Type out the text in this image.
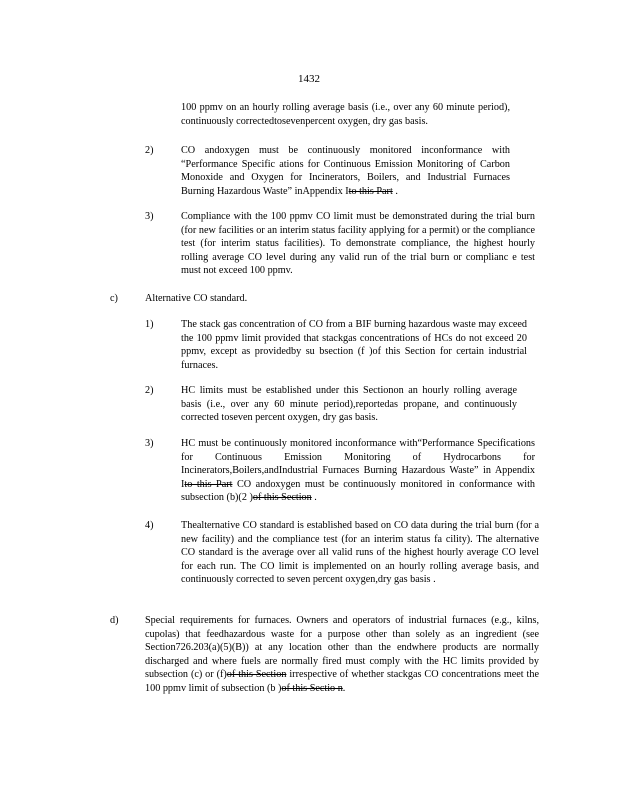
1432
100 ppmv on an hourly rolling average basis (i.e., over any 60 minute period), continuously correctedtosevenpercent oxygen, dry gas basis.
2)	CO andoxygen must be continuously monitored inconformance with “Performance Specific ations for Continuous Emission Monitoring of Carbon Monoxide and Oxygen for Incinerators, Boilers, and Industrial Furnaces Burning Hazardous Waste” inAppendix Ito this Part .
3)	Compliance with the 100 ppmv CO limit must be demonstrated during the trial burn (for new facilities or an interim status facility applying for a permit) or the compliance test (for interim status facilities). To demonstrate compliance, the highest hourly rolling average CO level during any valid run of the trial burn or complianc e test must not exceed 100 ppmv.
c)	Alternative CO standard.
1)	The stack gas concentration of CO from a BIF burning hazardous waste may exceed the 100 ppmv limit provided that stackgas concentrations of HCs do not exceed 20 ppmv, except as providedby su bsection (f )of this Section for certain industrial furnaces.
2)	HC limits must be established under this Sectionon an hourly rolling average basis (i.e., over any 60 minute period),reportedas propane, and continuously corrected toseven percent oxygen, dry gas basis.
3)	HC must be continuously monitored inconformance with“Performance Specifications for Continuous Emission Monitoring of Hydrocarbons for Incinerators,Boilers,andIndustrial Furnaces Burning Hazardous Waste” in Appendix Ito this Part CO andoxygen must be continuously monitored in conformance with subsection (b)(2 )of this Section .
4)	Thealternative CO standard is established based on CO data during the trial burn (for a new facility) and the compliance test (for an interim status fa cility). The alternative CO standard is the average over all valid runs of the highest hourly average CO level for each run. The CO limit is implemented on an hourly rolling average basis, and continuously corrected to seven percent oxygen,dry gas basis .
d)	Special requirements for furnaces. Owners and operators of industrial furnaces (e.g., kilns, cupolas) that feedhazardous waste for a purpose other than solely as an ingredient (see Section726.203(a)(5)(B)) at any location other than the endwhere products are normally discharged and where fuels are normally fired must comply with the HC limits provided by subsection (c) or (f)of this Section irrespective of whether stackgas CO concentrations meet the 100 ppmv limit of subsection (b )of this Sectio n.
